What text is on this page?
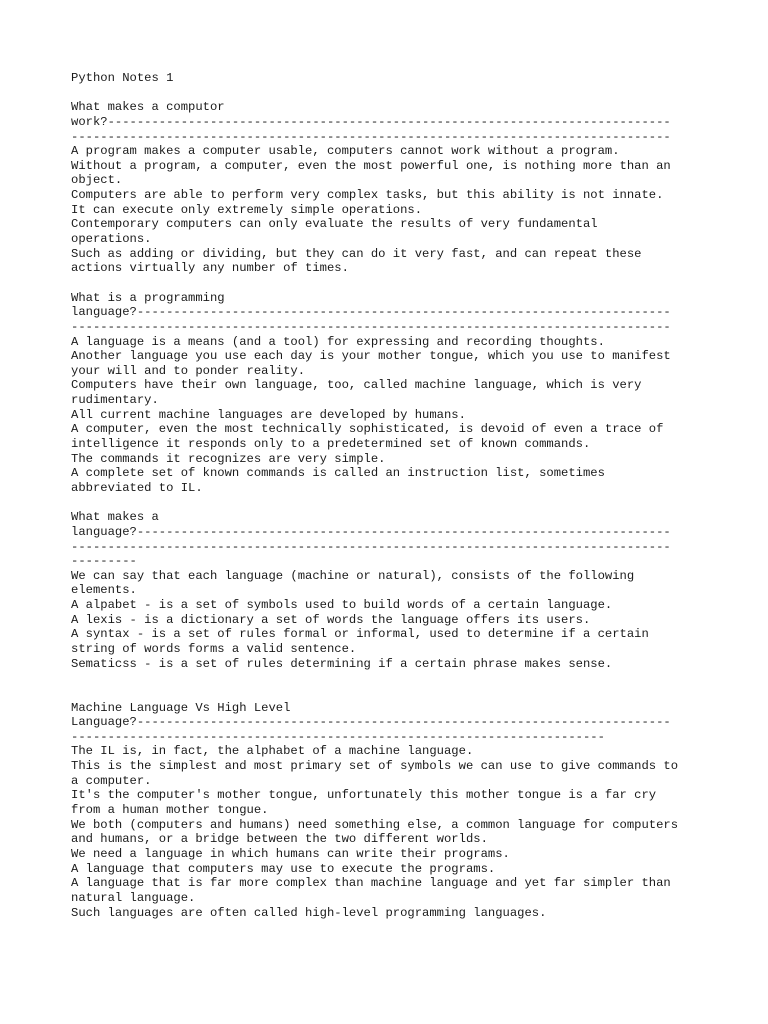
Python Notes 1
What makes a computor
work?-----------------------------------------------------------------------------
----------------------------------------------------------------------------------
A program makes a computer usable, computers cannot work without a program.
Without a program, a computer, even the most powerful one, is nothing more than an
object.
Computers are able to perform very complex tasks, but this ability is not innate.
It can execute only extremely simple operations.
Contemporary computers can only evaluate the results of very fundamental
operations.
Such as adding or dividing, but they can do it very fast, and can repeat these
actions virtually any number of times.
What is a programming
language?-------------------------------------------------------------------------
----------------------------------------------------------------------------------
A language is a means (and a tool) for expressing and recording thoughts.
Another language you use each day is your mother tongue, which you use to manifest
your will and to ponder reality.
Computers have their own language, too, called machine language, which is very
rudimentary.
All current machine languages are developed by humans.
A computer, even the most technically sophisticated, is devoid of even a trace of
intelligence it responds only to a predetermined set of known commands.
The commands it recognizes are very simple.
A complete set of known commands is called an instruction list, sometimes
abbreviated to IL.
What makes a
language?-------------------------------------------------------------------------
----------------------------------------------------------------------------------
---------
We can say that each language (machine or natural), consists of the following
elements.
A alpabet - is a set of symbols used to build words of a certain language.
A lexis - is a dictionary a set of words the language offers its users.
A syntax - is a set of rules formal or informal, used to determine if a certain
string of words forms a valid sentence.
Sematicss - is a set of rules determining if a certain phrase makes sense.
Machine Language Vs High Level
Language?-------------------------------------------------------------------------
-------------------------------------------------------------------------
The IL is, in fact, the alphabet of a machine language.
This is the simplest and most primary set of symbols we can use to give commands to
a computer.
It's the computer's mother tongue, unfortunately this mother tongue is a far cry
from a human mother tongue.
We both (computers and humans) need something else, a common language for computers
and humans, or a bridge between the two different worlds.
We need a language in which humans can write their programs.
A language that computers may use to execute the programs.
A language that is far more complex than machine language and yet far simpler than
natural language.
Such languages are often called high-level programming languages.
